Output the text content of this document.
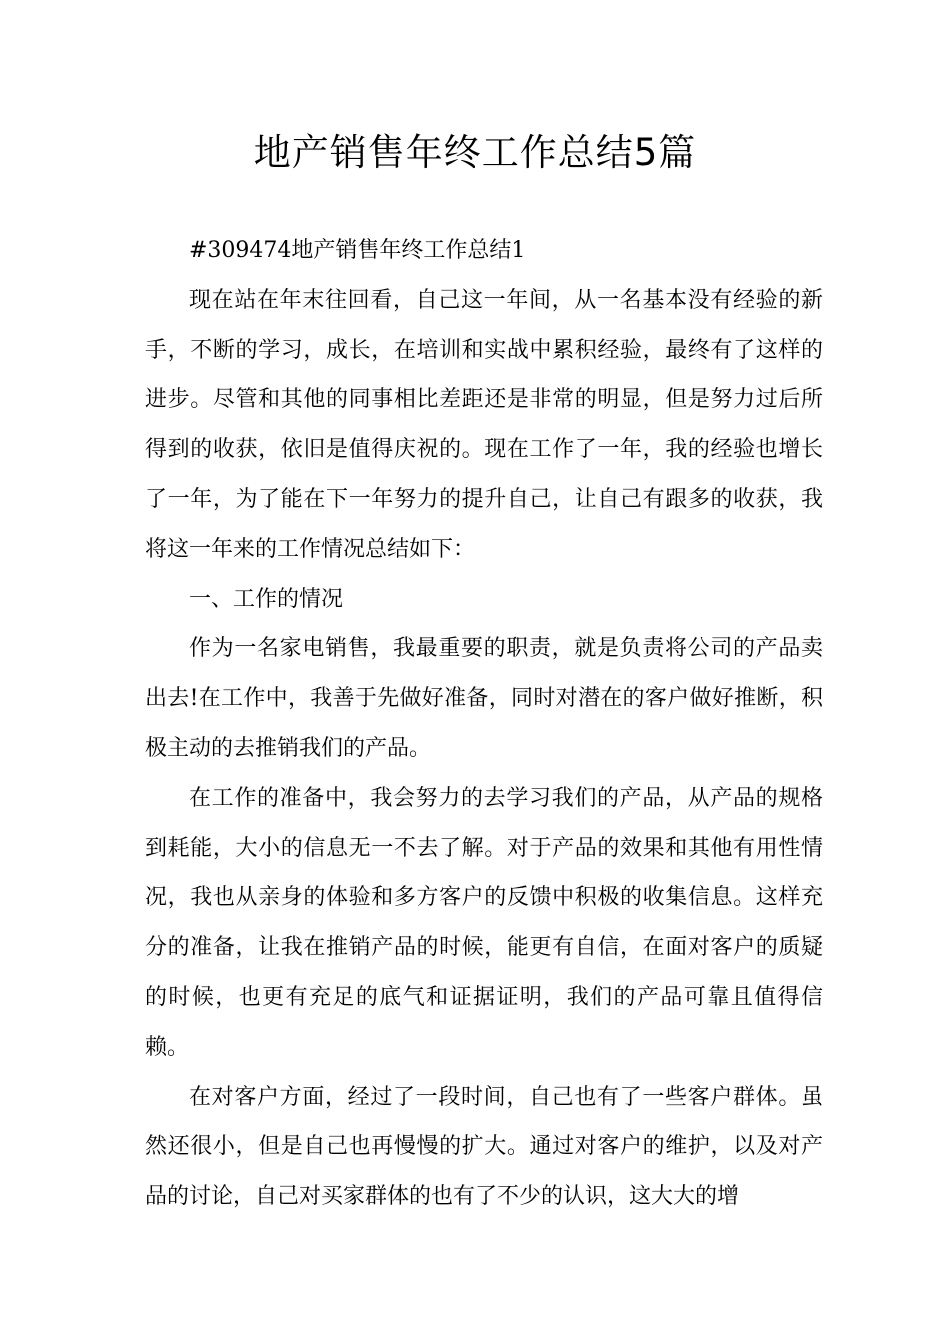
地产销售年终工作总结5篇

#309474地产销售年终工作总结1

现在站在年末往回看，自己这一年间，从一名基本没有经验的新手，不断的学习，成长，在培训和实战中累积经验，最终有了这样的进步。尽管和其他的同事相比差距还是非常的明显，但是努力过后所得到的收获，依旧是值得庆祝的。现在工作了一年，我的经验也增长了一年，为了能在下一年努力的提升自己，让自己有跟多的收获，我将这一年来的工作情况总结如下：

一、工作的情况

作为一名家电销售，我最重要的职责，就是负责将公司的产品卖出去!在工作中，我善于先做好准备，同时对潜在的客户做好推断，积极主动的去推销我们的产品。

在工作的准备中，我会努力的去学习我们的产品，从产品的规格到耗能，大小的信息无一不去了解。对于产品的效果和其他有用性情况，我也从亲身的体验和多方客户的反馈中积极的收集信息。这样充分的准备，让我在推销产品的时候，能更有自信，在面对客户的质疑的时候，也更有充足的底气和证据证明，我们的产品可靠且值得信赖。

在对客户方面，经过了一段时间，自己也有了一些客户群体。虽然还很小，但是自己也再慢慢的扩大。通过对客户的维护，以及对产品的讨论，自己对买家群体的也有了不少的认识，这大大的增
